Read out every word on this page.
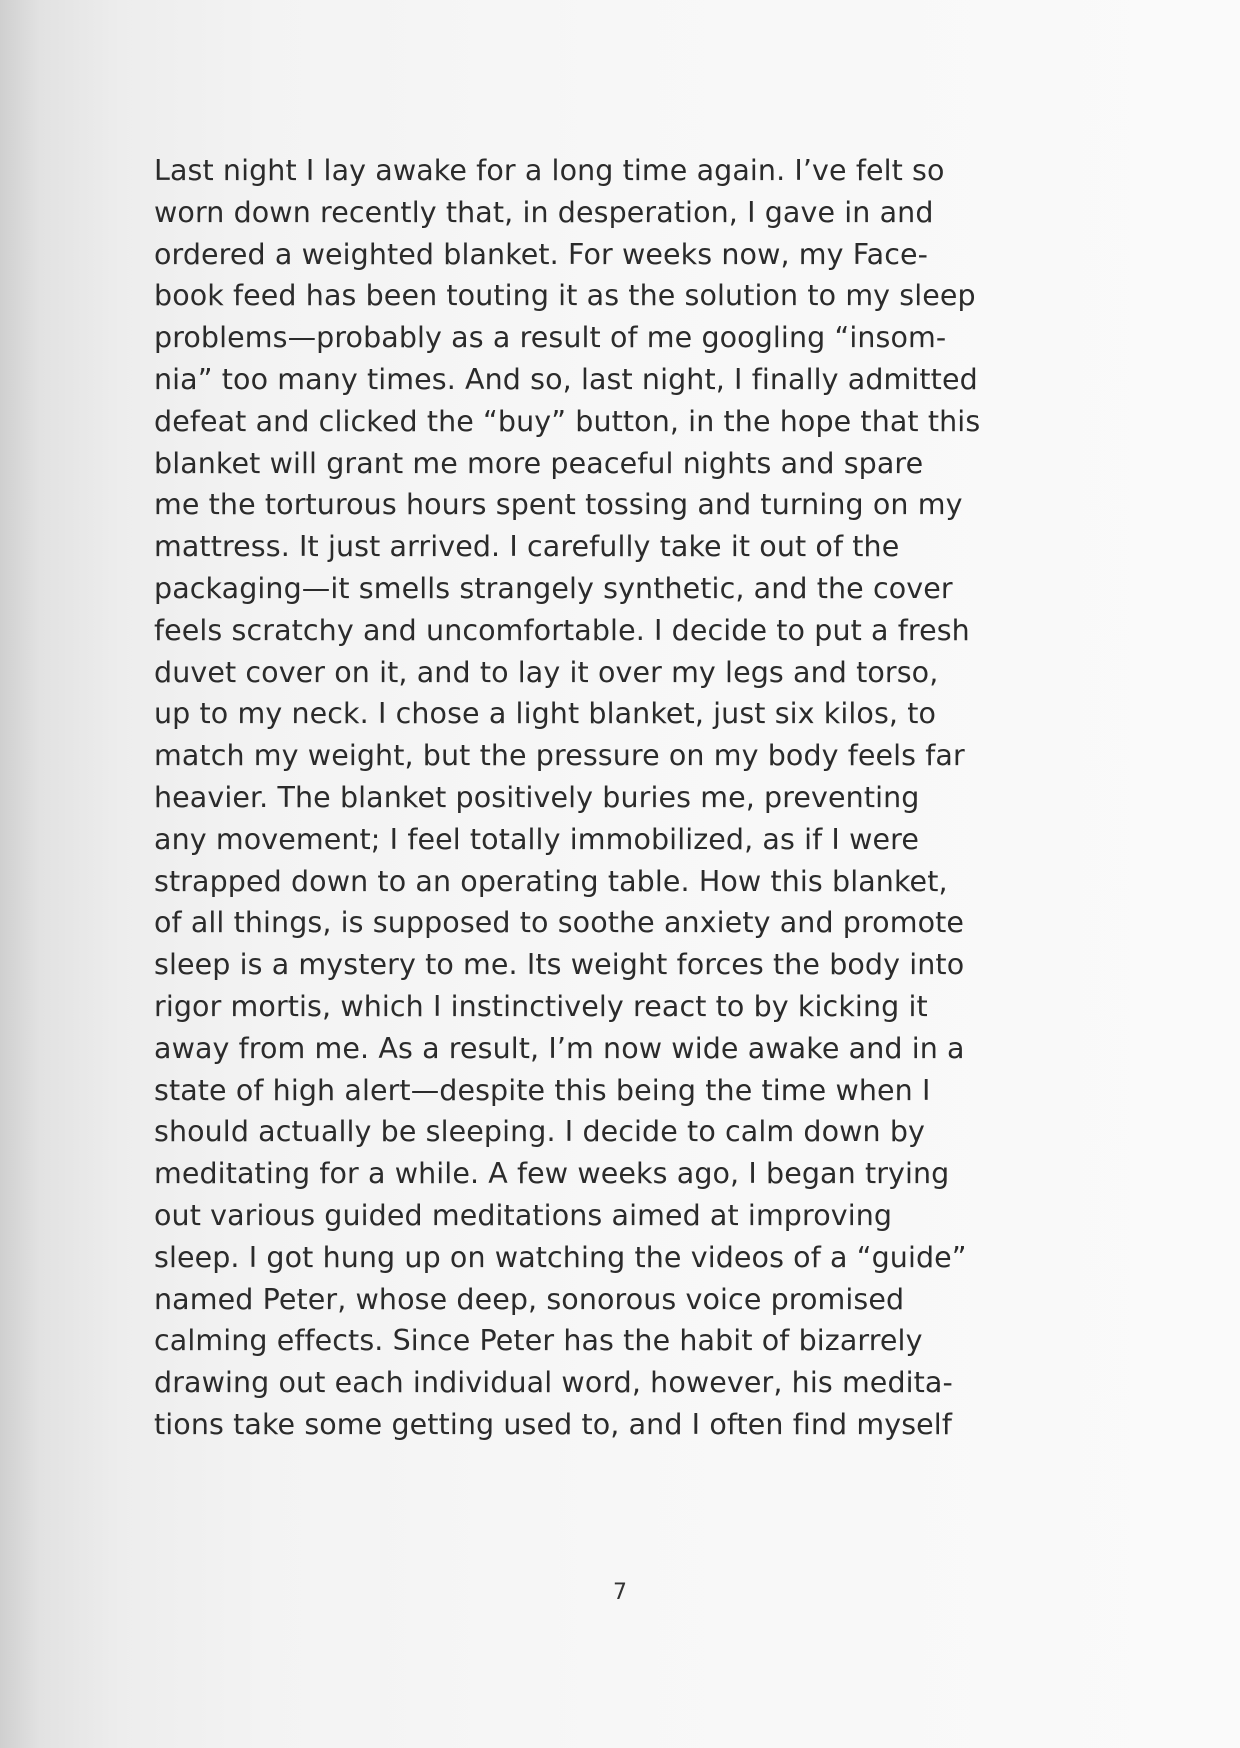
Last night I lay awake for a long time again. I’ve felt so
worn down recently that, in desperation, I gave in and
ordered a weighted blanket. For weeks now, my Face-
book feed has been touting it as the solution to my sleep
problems—probably as a result of me googling “insom-
nia” too many times. And so, last night, I finally admitted
defeat and clicked the “buy” button, in the hope that this
blanket will grant me more peaceful nights and spare
me the torturous hours spent tossing and turning on my
mattress. It just arrived. I carefully take it out of the
packaging—it smells strangely synthetic, and the cover
feels scratchy and uncomfortable. I decide to put a fresh
duvet cover on it, and to lay it over my legs and torso,
up to my neck. I chose a light blanket, just six kilos, to
match my weight, but the pressure on my body feels far
heavier. The blanket positively buries me, preventing
any movement; I feel totally immobilized, as if I were
strapped down to an operating table. How this blanket,
of all things, is supposed to soothe anxiety and promote
sleep is a mystery to me. Its weight forces the body into
rigor mortis, which I instinctively react to by kicking it
away from me. As a result, I’m now wide awake and in a
state of high alert—despite this being the time when I
should actually be sleeping. I decide to calm down by
meditating for a while. A few weeks ago, I began trying
out various guided meditations aimed at improving
sleep. I got hung up on watching the videos of a “guide”
named Peter, whose deep, sonorous voice promised
calming effects. Since Peter has the habit of bizarrely
drawing out each individual word, however, his medita-
tions take some getting used to, and I often find myself
7
